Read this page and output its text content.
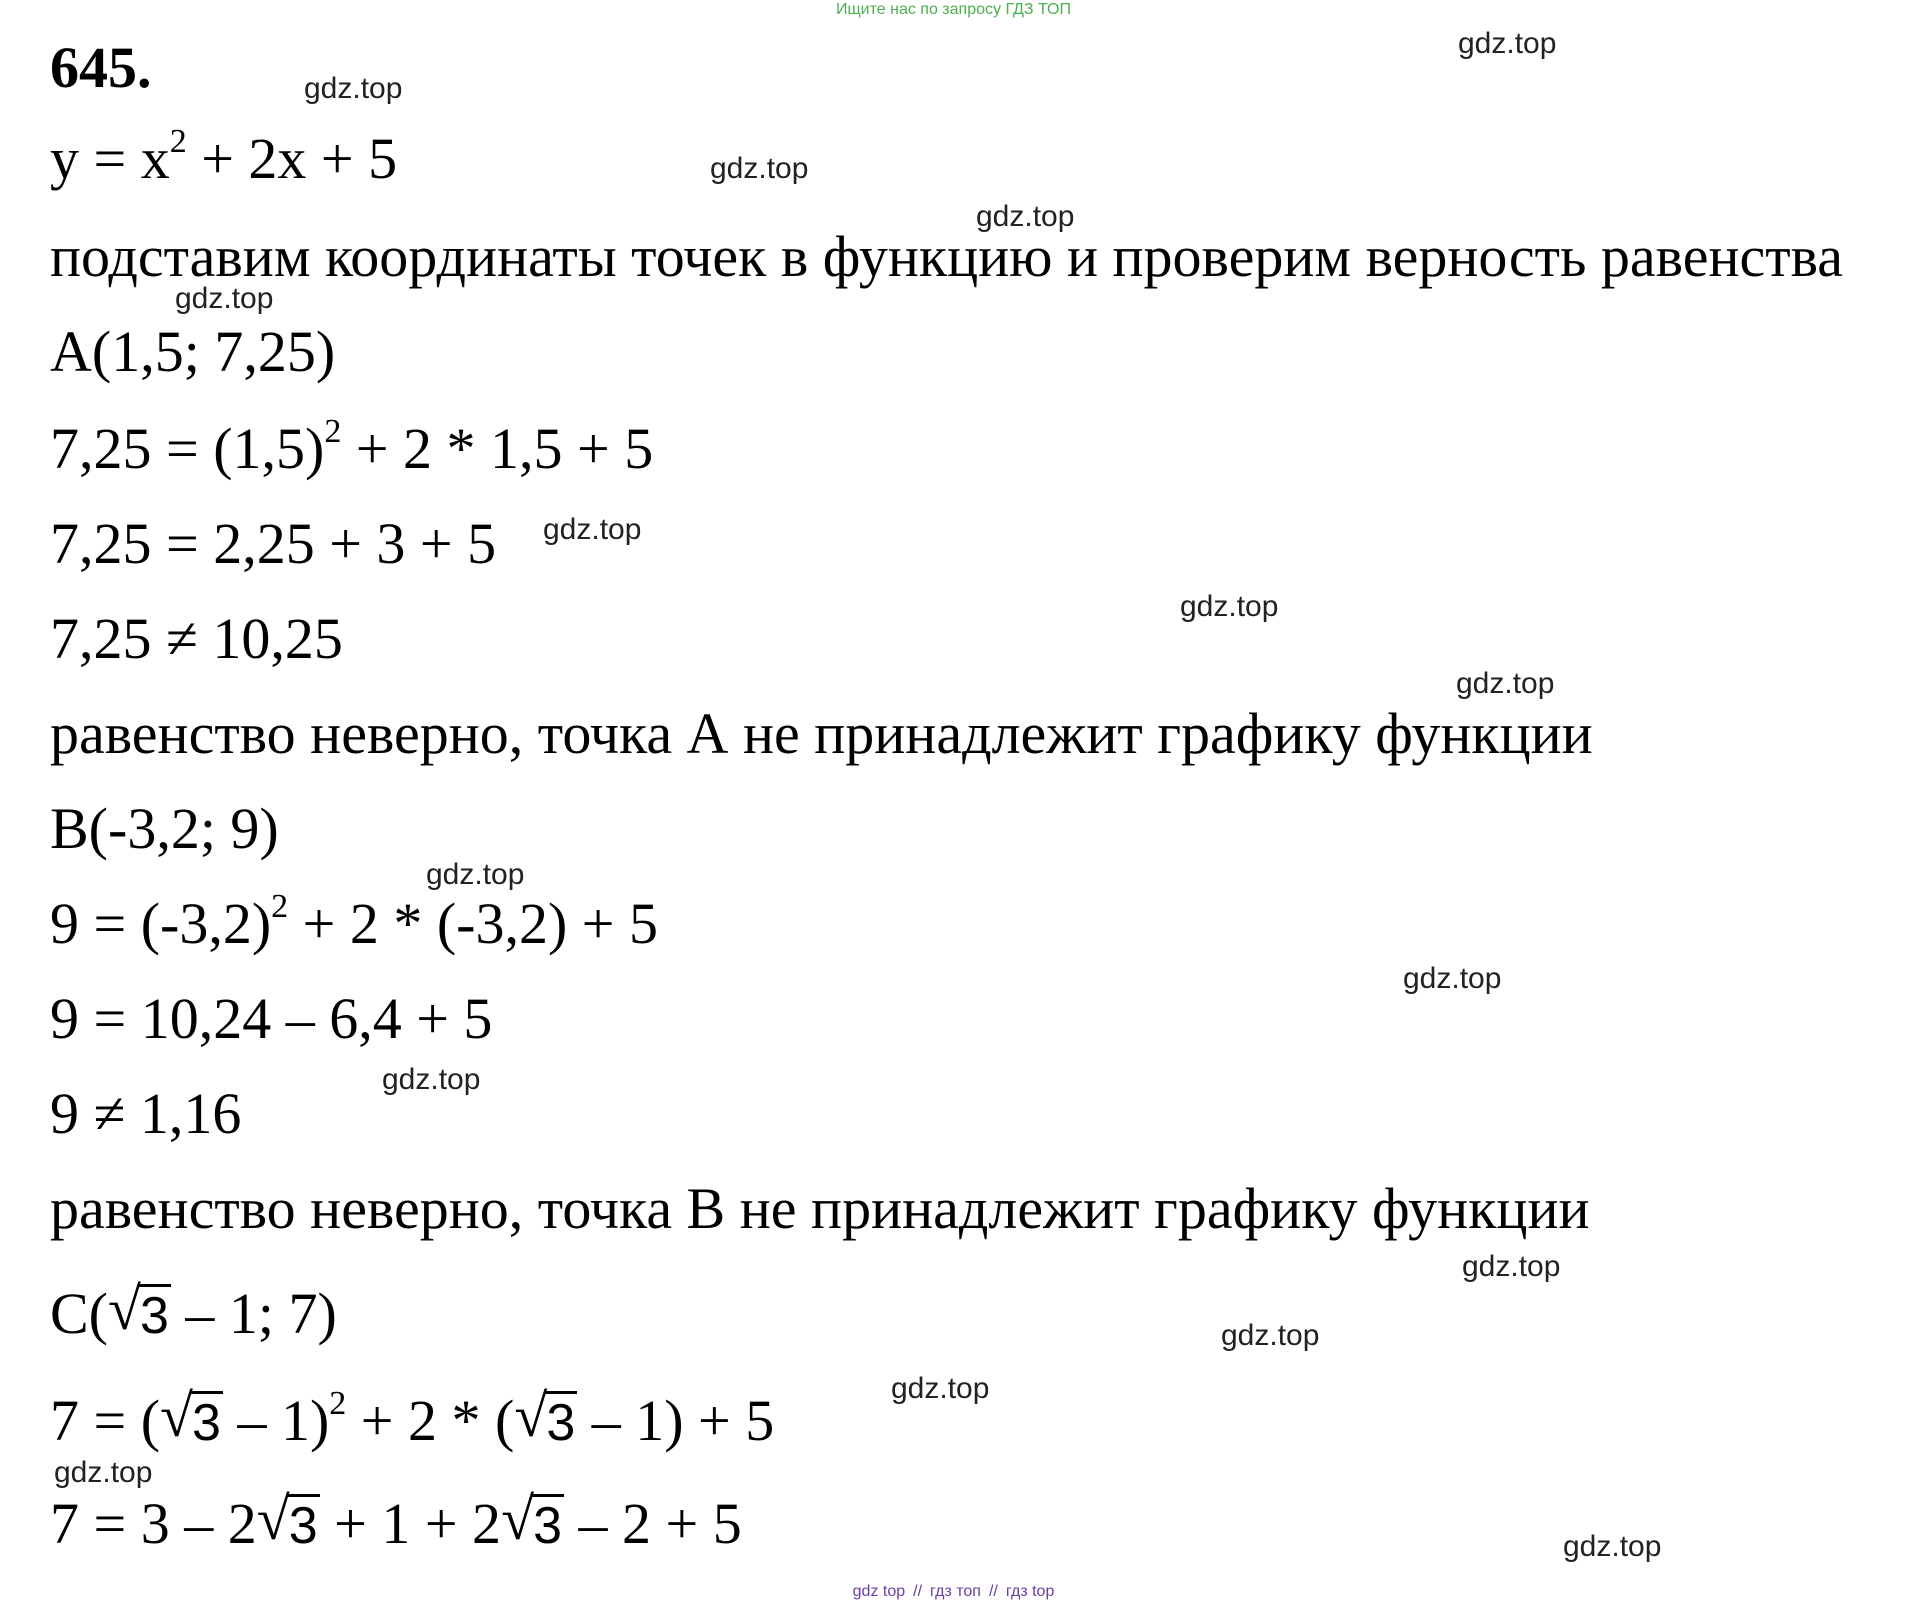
Ищите нас по запросу ГДЗ ТОП
645.
$y = x^2 + 2x + 5$
подставим координаты точек в функцию и проверим верность равенства
A(1,5; 7,25)
$7,25 = (1,5)^2 + 2 * 1,5 + 5$
7,25 = 2,25 + 3 + 5
7,25 ≠ 10,25
равенство неверно, точка А не принадлежит графику функции
B(-3,2; 9)
$9 = (-3,2)^2 + 2 * (-3,2) + 5$
9 = 10,24 – 6,4 + 5
9 ≠ 1,16
равенство неверно, точка В не принадлежит графику функции
C( √ 3 – 1; 7)
7 = ( √ 3 – 1)$^2$ + 2 * ( √ 3 – 1) + 5
7 = 3 – 2 √ 3 + 1 + 2 √ 3 – 2 + 5
gdz.top
gdz.top
gdz.top
gdz.top
gdz.top
gdz.top
gdz.top
gdz.top
gdz.top
gdz.top
gdz.top
gdz.top
gdz.top
gdz.top
gdz.top
gdz.top
gdz top // гдз топ // гдз top
